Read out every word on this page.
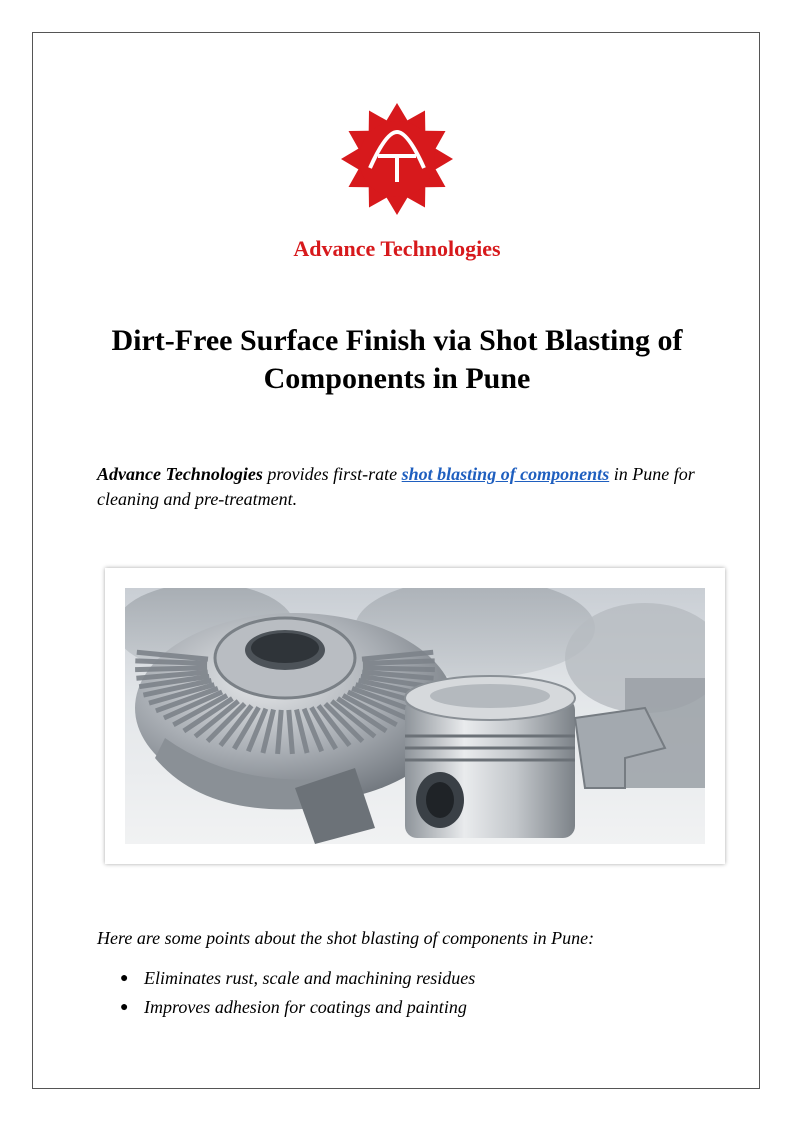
Advance Technologies
Dirt-Free Surface Finish via Shot Blasting of Components in Pune
Advance Technologies provides first-rate shot blasting of components in Pune for cleaning and pre-treatment.
Here are some points about the shot blasting of components in Pune:
● Eliminates rust, scale and machining residues
● Improves adhesion for coatings and painting
